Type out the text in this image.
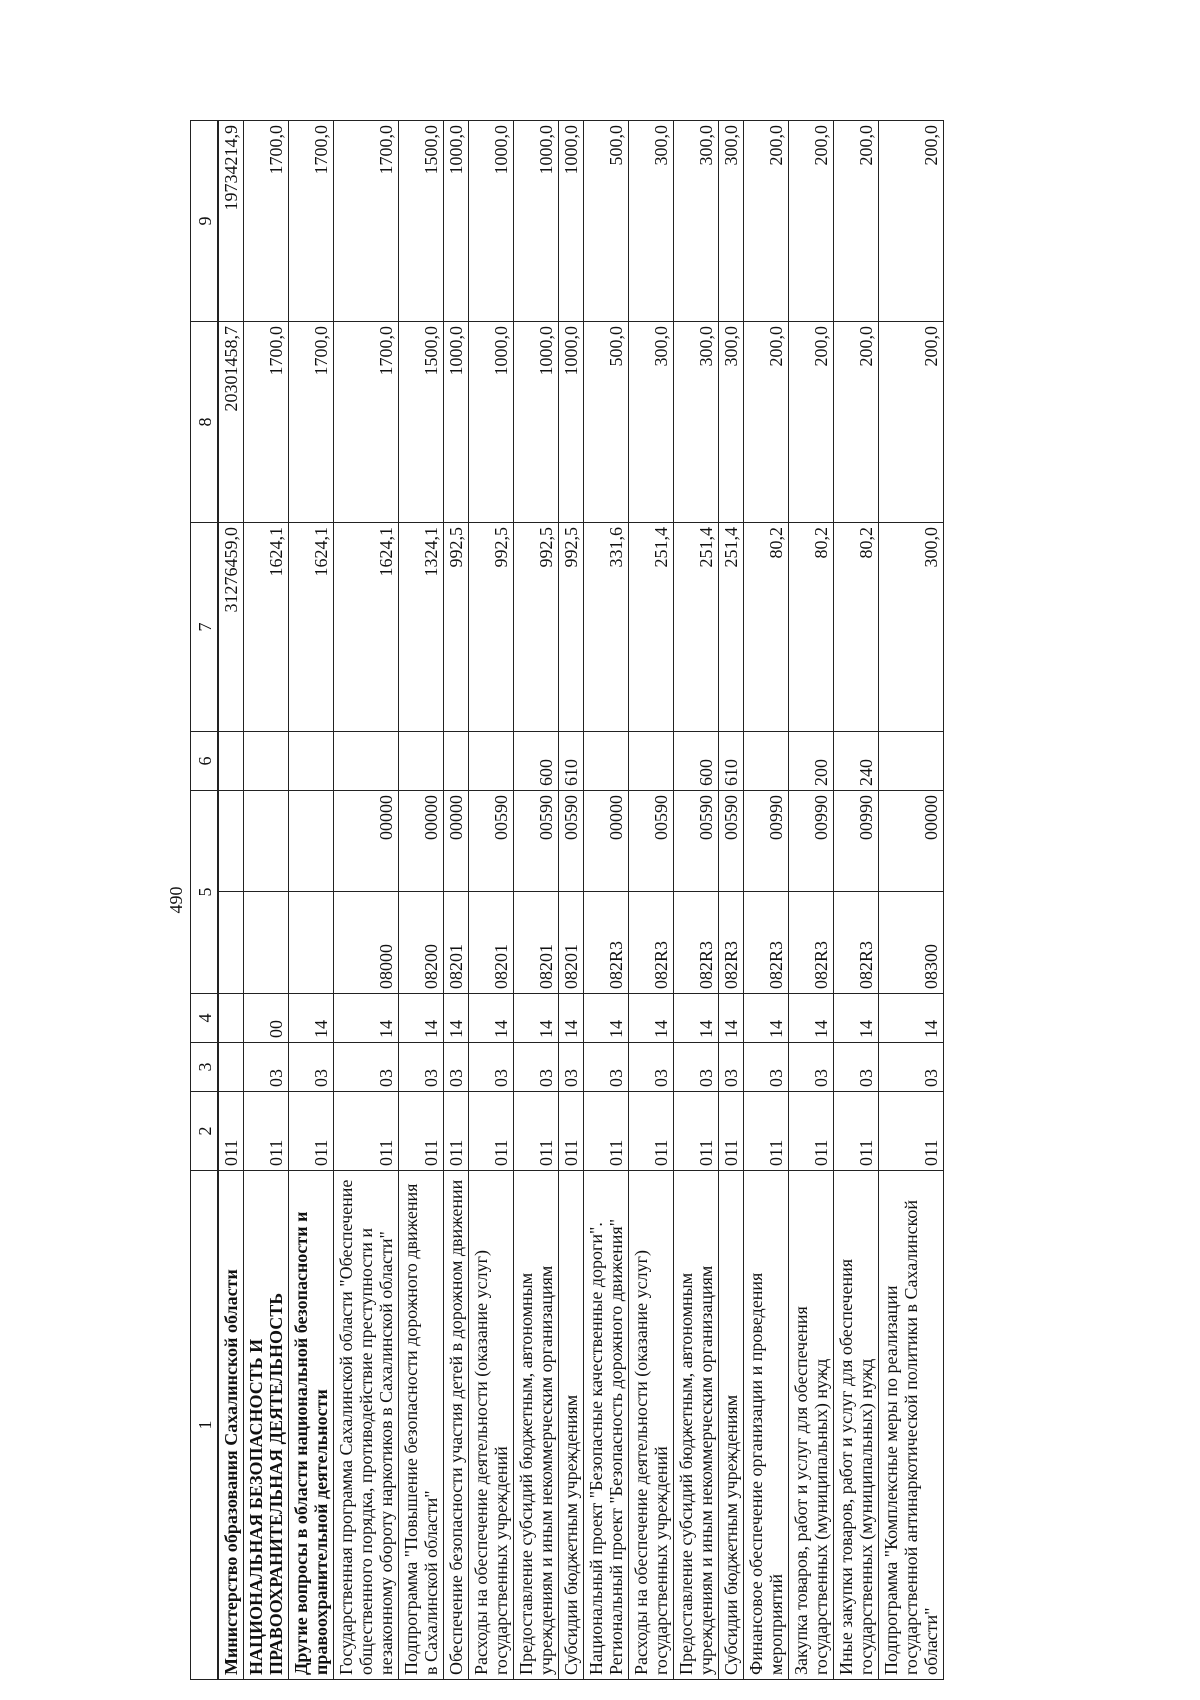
490
1	2	3	4	5		6	7	8	9

Министерство образования Сахалинской области	011						31276459,0	20301458,7	19734214,9
НАЦИОНАЛЬНАЯ БЕЗОПАСНОСТЬ И ПРАВООХРАНИТЕЛЬНАЯ ДЕЯТЕЛЬНОСТЬ	011	03	00				1624,1	1700,0	1700,0
Другие вопросы в области национальной безопасности и правоохранительной деятельности	011	03	14				1624,1	1700,0	1700,0
Государственная программа Сахалинской области "Обеспечение общественного порядка, противодействие преступности и незаконному обороту наркотиков в Сахалинской области"	011	03	14	08000	00000		1624,1	1700,0	1700,0
Подпрограмма "Повышение безопасности дорожного движения в Сахалинской области"	011	03	14	08200	00000		1324,1	1500,0	1500,0
Обеспечение безопасности участия детей в дорожном движении	011	03	14	08201	00000		992,5	1000,0	1000,0
Расходы на обеспечение деятельности (оказание услуг) государственных учреждений	011	03	14	08201	00590		992,5	1000,0	1000,0
Предоставление субсидий бюджетным, автономным учреждениям и иным некоммерческим организациям	011	03	14	08201	00590	600	992,5	1000,0	1000,0
Субсидии бюджетным учреждениям	011	03	14	08201	00590	610	992,5	1000,0	1000,0
Национальный проект "Безопасные качественные дороги". Региональный проект "Безопасность дорожного движения"	011	03	14	082R3	00000		331,6	500,0	500,0
Расходы на обеспечение деятельности (оказание услуг) государственных учреждений	011	03	14	082R3	00590		251,4	300,0	300,0
Предоставление субсидий бюджетным, автономным учреждениям и иным некоммерческим организациям	011	03	14	082R3	00590	600	251,4	300,0	300,0
Субсидии бюджетным учреждениям	011	03	14	082R3	00590	610	251,4	300,0	300,0
Финансовое обеспечение организации и проведения мероприятий	011	03	14	082R3	00990		80,2	200,0	200,0
Закупка товаров, работ и услуг для обеспечения государственных (муниципальных) нужд	011	03	14	082R3	00990	200	80,2	200,0	200,0
Иные закупки товаров, работ и услуг для обеспечения государственных (муниципальных) нужд	011	03	14	082R3	00990	240	80,2	200,0	200,0
Подпрограмма "Комплексные меры по реализации государственной антинаркотической политики в Сахалинской области"	011	03	14	08300	00000		300,0	200,0	200,0
